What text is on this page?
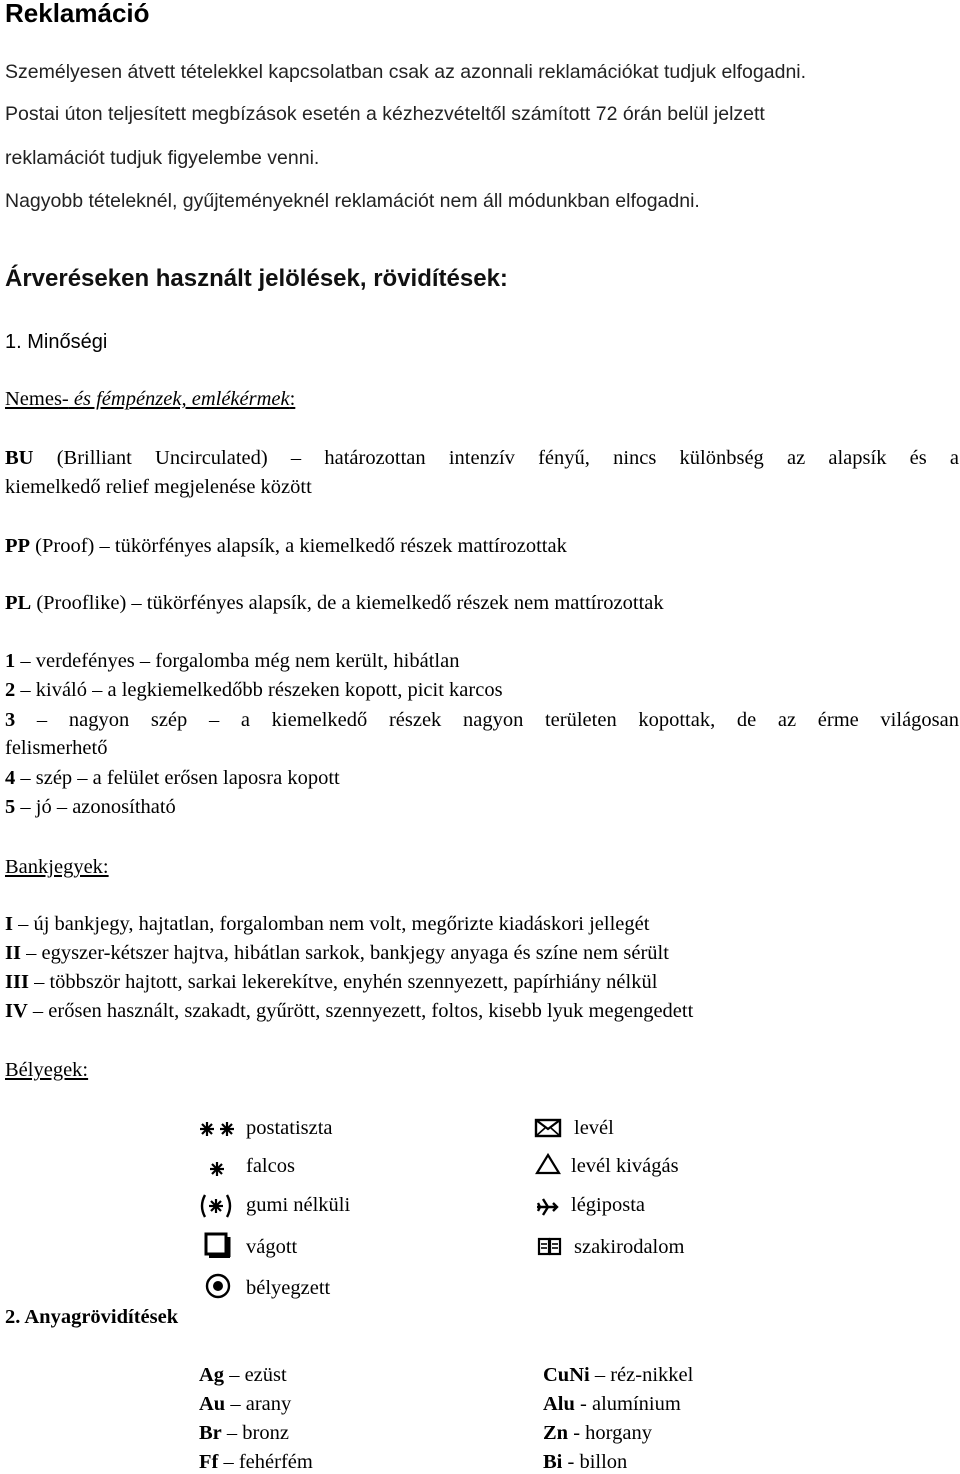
Reklamáció
Személyesen átvett tételekkel kapcsolatban csak az azonnali reklamációkat tudjuk elfogadni.
Postai úton teljesített megbízások esetén a kézhezvételtől számított 72 órán belül jelzett
reklamációt tudjuk figyelembe venni.
Nagyobb tételeknél, gyűjteményeknél reklamációt nem áll módunkban elfogadni.
Árveréseken használt jelölések, rövidítések:
1. Minőségi
Nemes- és fémpénzek, emlékérmek:
BU (Brilliant Uncirculated) – határozottan intenzív fényű, nincs különbség az alapsík és a
kiemelkedő relief megjelenése között
PP (Proof) – tükörfényes alapsík, a kiemelkedő részek mattírozottak
PL (Prooflike) – tükörfényes alapsík, de a kiemelkedő részek nem mattírozottak
1 – verdefényes – forgalomba még nem került, hibátlan
2 – kiváló – a legkiemelkedőbb részeken kopott, picit karcos
3 – nagyon szép – a kiemelkedő részek nagyon területen kopottak, de az érme világosan
felismerhető
4 – szép – a felület erősen laposra kopott
5 – jó – azonosítható
Bankjegyek:
I – új bankjegy, hajtatlan, forgalomban nem volt, megőrizte kiadáskori jellegét
II – egyszer-kétszer hajtva, hibátlan sarkok, bankjegy anyaga és színe nem sérült
III – többször hajtott, sarkai lekerekítve, enyhén szennyezett, papírhiány nélkül
IV – erősen használt, szakadt, gyűrött, szennyezett, foltos, kisebb lyuk megengedett
Bélyegek:
postatiszta
falcos
gumi nélküli
vágott
bélyegzett
levél
levél kivágás
légiposta
szakirodalom
2. Anyagrövidítések
Ag – ezüst
Au – arany
Br – bronz
Ff – fehérfém
CuNi – réz-nikkel
Alu - alumínium
Zn - horgany
Bi - billon
